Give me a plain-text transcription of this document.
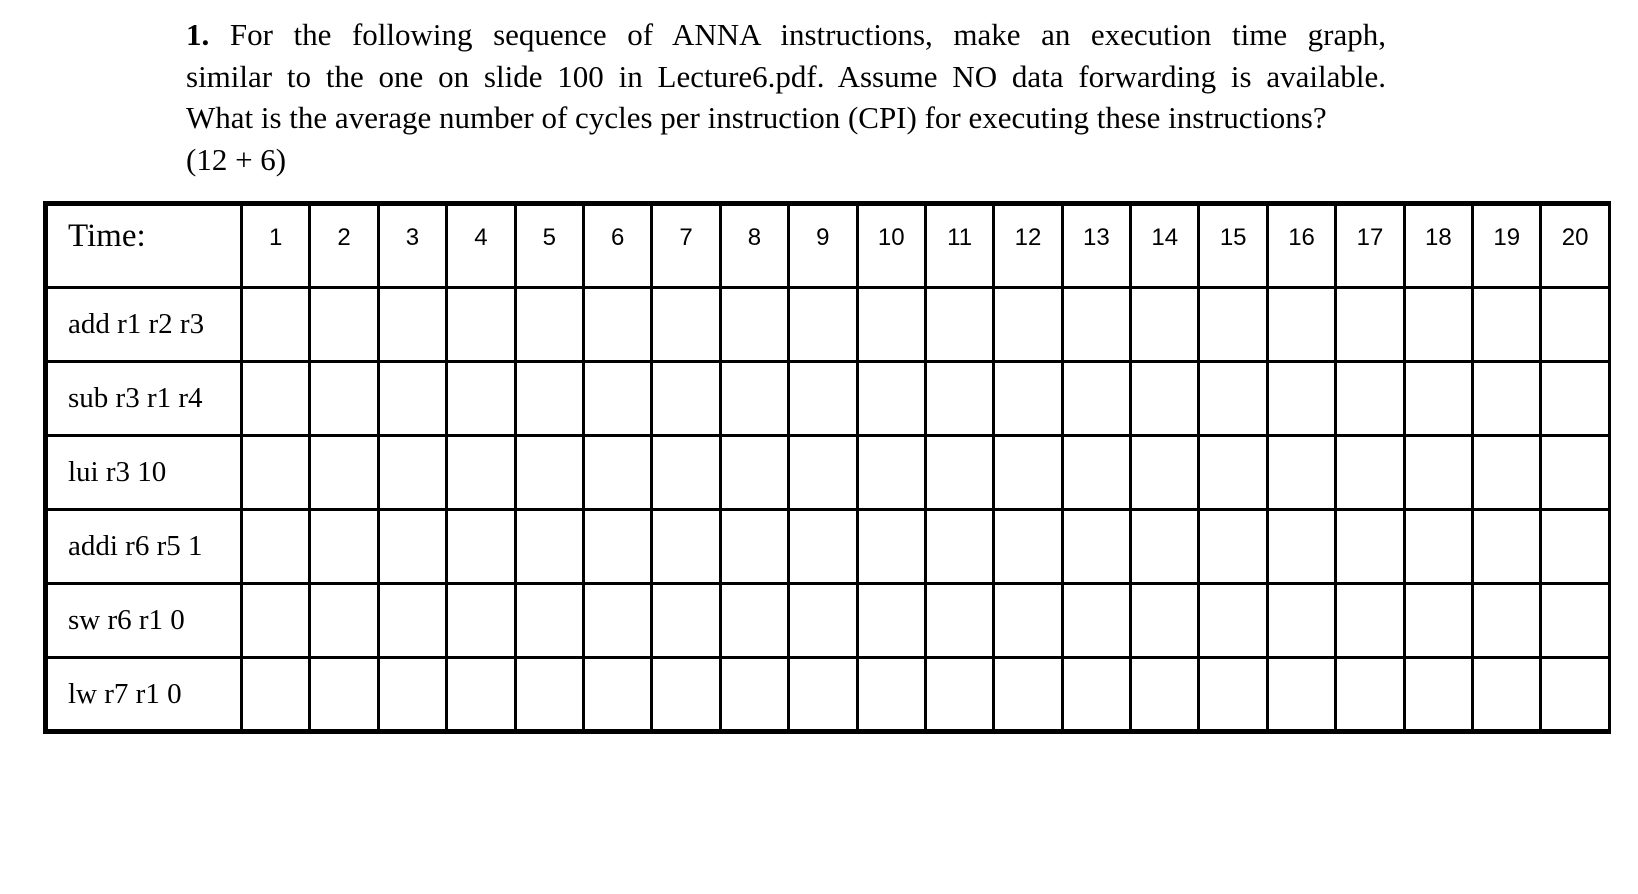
1. For the following sequence of ANNA instructions, make an execution time graph,
similar to the one on slide 100 in Lecture6.pdf. Assume NO data forwarding is available.
What is the average number of cycles per instruction (CPI) for executing these instructions?
(12 + 6)
Time:	1	2	3	4	5	6	7	8	9	10	11	12	13	14	15	16	17	18	19	20
add r1 r2 r3																				
sub r3 r1 r4																				
lui r3 10																				
addi r6 r5 1																				
sw r6 r1 0																				
lw r7 r1 0																				
